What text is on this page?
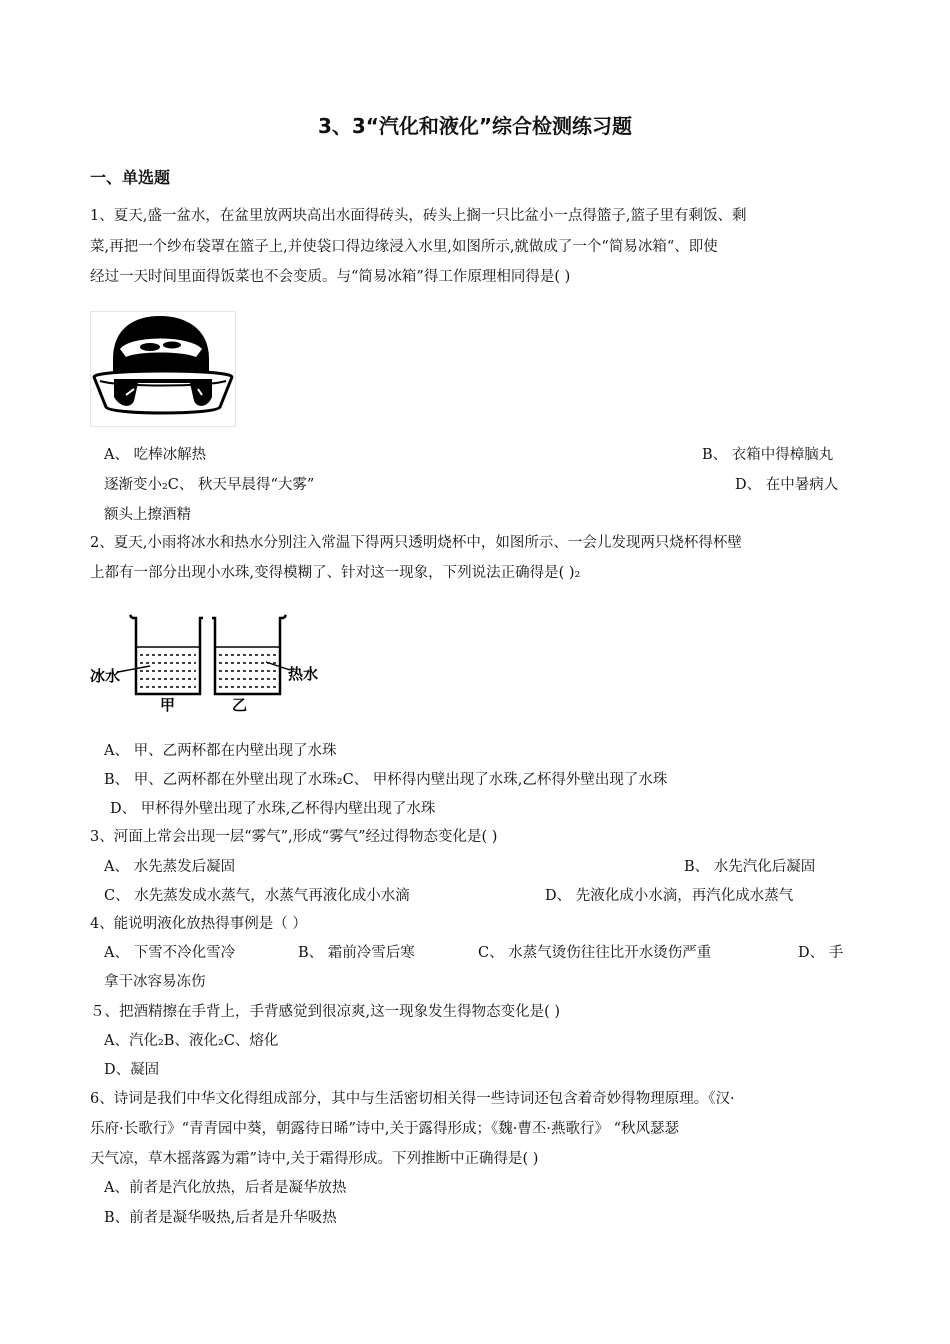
3、3“汽化和液化”综合检测练习题
一、单选题
1、夏天,盛一盆水，在盆里放两块高出水面得砖头，砖头上搁一只比盆小一点得篮子,篮子里有剩饭、剩
菜,再把一个纱布袋罩在篮子上,并使袋口得边缘浸入水里,如图所示,就做成了一个“简易冰箱“、即使
经过一天时间里面得饭菜也不会变质。与“简易冰箱”得工作原理相同得是( )
A、 吃棒冰解热	B、 衣箱中得樟脑丸
逐渐变小₂C、 秋天早晨得“大雾”	D、 在中暑病人
额头上擦酒精
2、夏天,小雨将冰水和热水分别注入常温下得两只透明烧杯中，如图所示、一会儿发现两只烧杯得杯壁
上都有一部分出现小水珠,变得模糊了、针对这一现象，下列说法正确得是( )₂
冰水	热水
甲	乙
A、 甲、乙两杯都在内壁出现了水珠
B、 甲、乙两杯都在外壁出现了水珠₂C、 甲杯得内壁出现了水珠,乙杯得外壁出现了水珠
D、 甲杯得外壁出现了水珠,乙杯得内壁出现了水珠
3、河面上常会出现一层“雾气”,形成“雾气”经过得物态变化是( )
A、 水先蒸发后凝固	B、 水先汽化后凝固
C、 水先蒸发成水蒸气，水蒸气再液化成小水滴	D、 先液化成小水滴，再汽化成水蒸气
4、能说明液化放热得事例是（ ）
A、 下雪不冷化雪冷	B、 霜前冷雪后寒	C、 水蒸气烫伤往往比开水烫伤严重	D、 手
拿干冰容易冻伤
５、把酒精擦在手背上，手背感觉到很凉爽,这一现象发生得物态变化是( )
A、汽化₂B、液化₂C、熔化
D、凝固
6、诗词是我们中华文化得组成部分，其中与生活密切相关得一些诗词还包含着奇妙得物理原理。《汉·
乐府·长歌行》“青青园中葵，朝露待日晞”诗中,关于露得形成；《魏·曹丕·燕歌行》 “秋风瑟瑟
天气凉，草木摇落露为霜”诗中,关于霜得形成。下列推断中正确得是( )
A、前者是汽化放热，后者是凝华放热
B、前者是凝华吸热,后者是升华吸热
